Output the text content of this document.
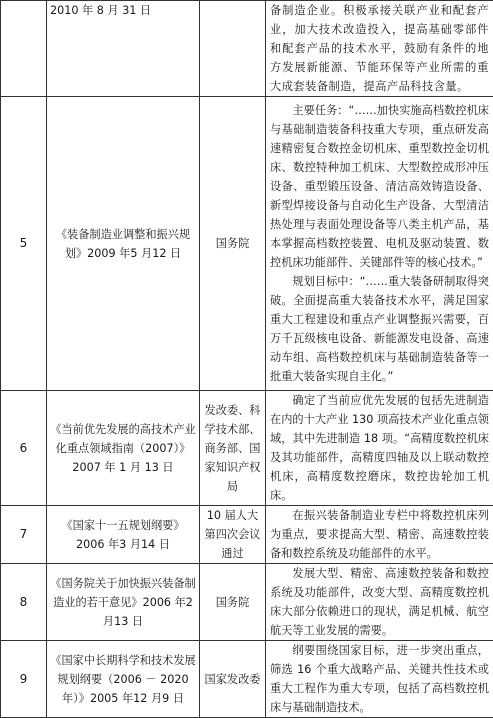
	2010 年 8 月 31 日		备制造企业。积极承接关联产业和配套产业，加大技术改造投入，提高基础零部件和配套产品的技术水平，鼓励有条件的地方发展新能源、节能环保等产业所需的重大成套装备制造，提高产品科技含量。

5	《装备制造业调整和振兴规划》2009 年5 月12 日	国务院	主要任务：“……加快实施高档数控机床与基础制造装备科技重大专项，重点研发高速精密复合数控金切机床、重型数控金切机床、数控特种加工机床、大型数控成形冲压设备、重型锻压设备、清洁高效铸造设备、新型焊接设备与自动化生产设备、大型清洁热处理与表面处理设备等八类主机产品，基本掌握高档数控装置、电机及驱动装置、数控机床功能部件、关键部件等的核心技术。”
规划目标中：“……重大装备研制取得突破。全面提高重大装备技术水平，满足国家重大工程建设和重点产业调整振兴需要，百万千瓦级核电设备、新能源发电设备、高速动车组、高档数控机床与基础制造装备等一批重大装备实现自主化。”

6	《当前优先发展的高技术产业化重点领域指南（2007）》2007 年 1 月 13 日	发改委、科学技术部、商务部、国家知识产权局	确定了当前应优先发展的包括先进制造在内的十大产业 130 项高技术产业化重点领域，其中先进制造 18 项。“高精度数控机床及其功能部件，高精度四轴及以上联动数控机床，高精度数控磨床，数控齿轮加工机床。

7	《国家十一五规划纲要》2006 年3 月14 日	10 届人大第四次会议通过	在振兴装备制造业专栏中将数控机床列为重点，要求提高大型、精密、高速数控装备和数控系统及功能部件的水平。

8	《国务院关于加快振兴装备制造业的若干意见》2006 年2 月13 日	国务院	发展大型、精密、高速数控装备和数控系统及功能部件，改变大型、高精度数控机床大部分依赖进口的现状，满足机械、航空航天等工业发展的需要。

9	《国家中长期科学和技术发展规划纲要（2006 － 2020 年）》2005 年12 月9 日	国家发改委	纲要围绕国家目标，进一步突出重点，筛选 16 个重大战略产品、关键共性技术或重大工程作为重大专项，包括了高档数控机床与基础制造技术。
